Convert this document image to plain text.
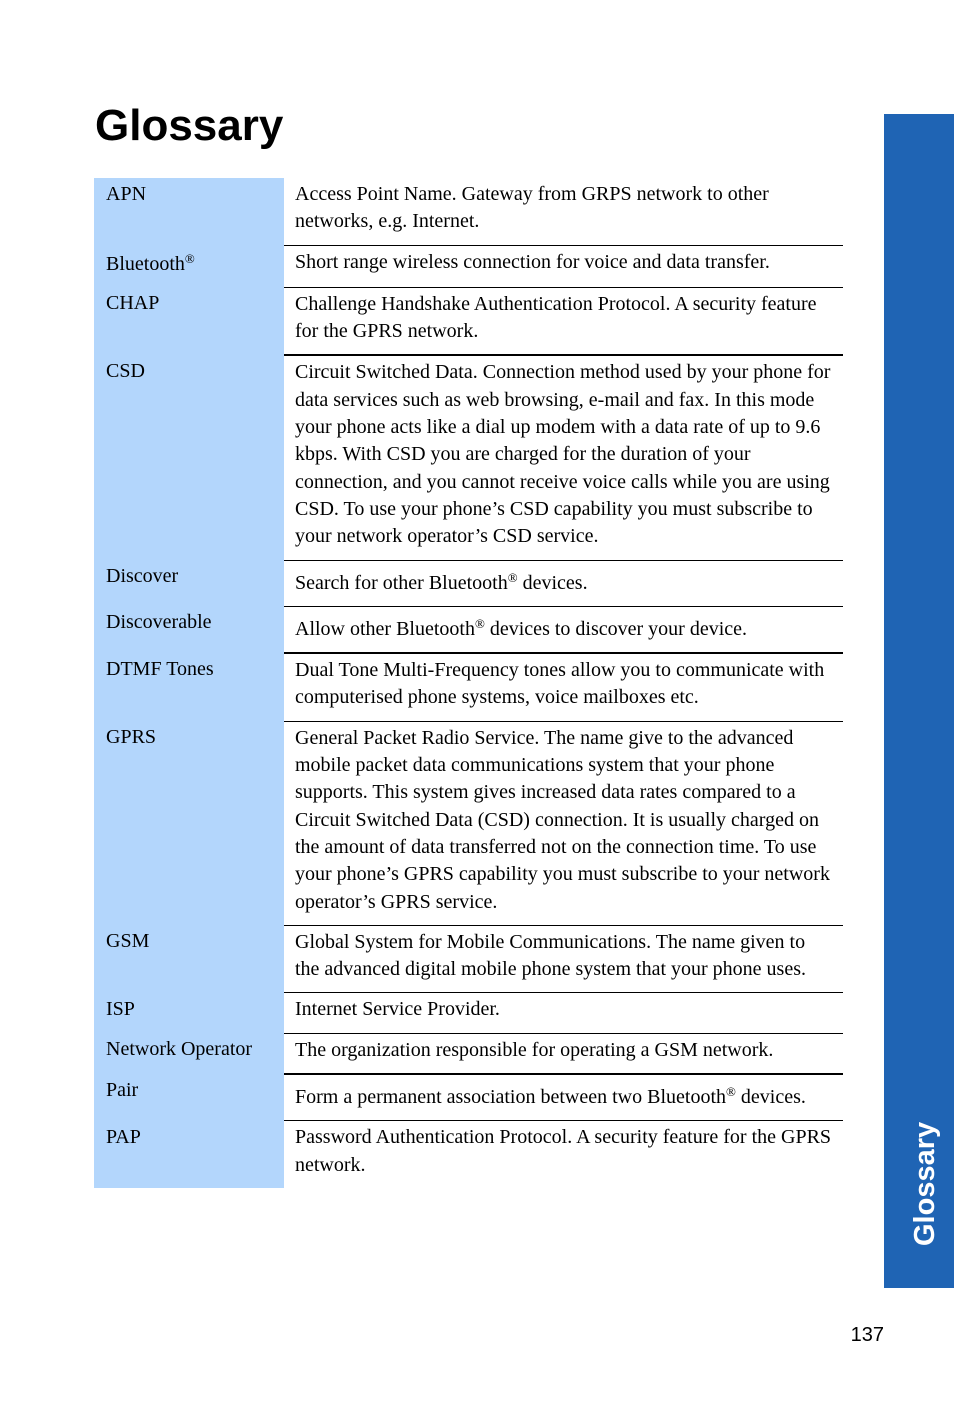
Glossary
Glossary
APN	Access Point Name. Gateway from GRPS network to other networks, e.g. Internet.
Bluetooth®	Short range wireless connection for voice and data transfer.
CHAP	Challenge Handshake Authentication Protocol. A security feature for the GPRS network.
CSD	Circuit Switched Data. Connection method used by your phone for data services such as web browsing, e-mail and fax. In this mode your phone acts like a dial up modem with a data rate of up to 9.6 kbps. With CSD you are charged for the duration of your connection, and you cannot receive voice calls while you are using CSD. To use your phone’s CSD capability you must subscribe to your network operator’s CSD service.
Discover	Search for other Bluetooth® devices.
Discoverable	Allow other Bluetooth® devices to discover your device.
DTMF Tones	Dual Tone Multi-Frequency tones allow you to communicate with computerised phone systems, voice mailboxes etc.
GPRS	General Packet Radio Service. The name give to the advanced mobile packet data communications system that your phone supports. This system gives increased data rates compared to a Circuit Switched Data (CSD) connection. It is usually charged on the amount of data transferred not on the connection time. To use your phone’s GPRS capability you must subscribe to your network operator’s GPRS service.
GSM	Global System for Mobile Communications. The name given to the advanced digital mobile phone system that your phone uses.
ISP	Internet Service Provider.
Network Operator	The organization responsible for operating a GSM network.
Pair	Form a permanent association between two Bluetooth® devices.
PAP	Password Authentication Protocol. A security feature for the GPRS network.
137
